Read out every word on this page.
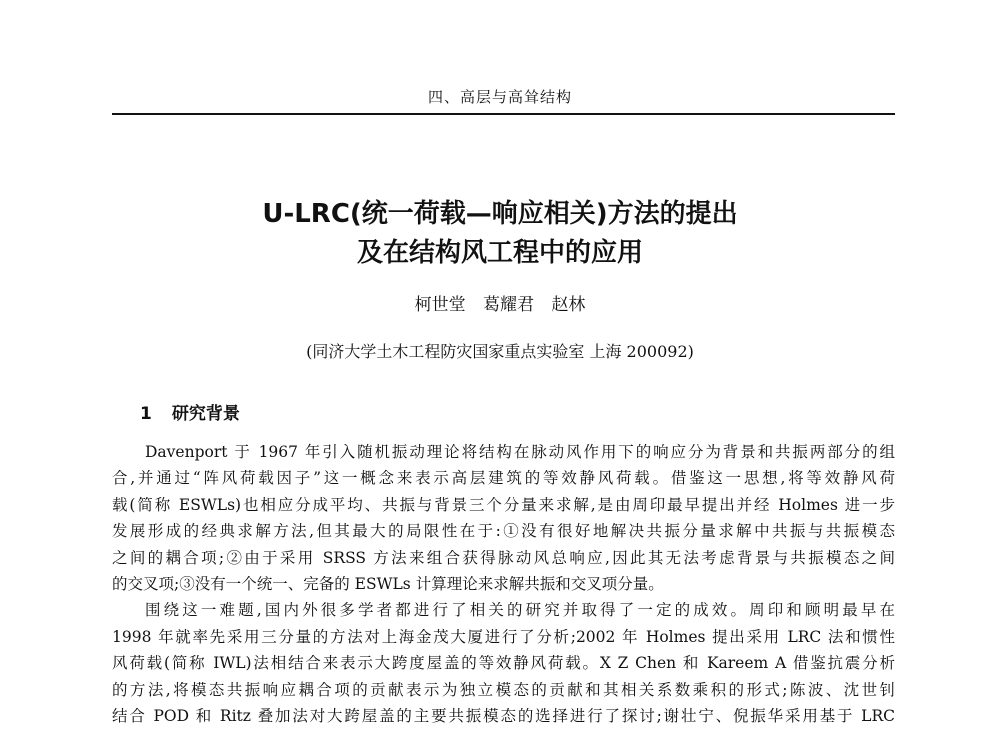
四、高层与高耸结构
U-LRC(统一荷载—响应相关)方法的提出
及在结构风工程中的应用
柯世堂 葛耀君 赵林
(同济大学土木工程防灾国家重点实验室 上海 200092)
1 研究背景
Davenport 于 1967 年引入随机振动理论将结构在脉动风作用下的响应分为背景和共振两部分的组
合,并通过“阵风荷载因子”这一概念来表示高层建筑的等效静风荷载。借鉴这一思想,将等效静风荷
载(简称 ESWLs)也相应分成平均、共振与背景三个分量来求解,是由周印最早提出并经 Holmes 进一步
发展形成的经典求解方法,但其最大的局限性在于:①没有很好地解决共振分量求解中共振与共振模态
之间的耦合项;②由于采用 SRSS 方法来组合获得脉动风总响应,因此其无法考虑背景与共振模态之间
的交叉项;③没有一个统一、完备的 ESWLs 计算理论来求解共振和交叉项分量。
围绕这一难题,国内外很多学者都进行了相关的研究并取得了一定的成效。周印和顾明最早在
1998 年就率先采用三分量的方法对上海金茂大厦进行了分析;2002 年 Holmes 提出采用 LRC 法和惯性
风荷载(简称 IWL)法相结合来表示大跨度屋盖的等效静风荷载。X Z Chen 和 Kareem A 借鉴抗震分析
的方法,将模态共振响应耦合项的贡献表示为独立模态的贡献和其相关系数乘积的形式;陈波、沈世钊
结合 POD 和 Ritz 叠加法对大跨屋盖的主要共振模态的选择进行了探讨;谢壮宁、倪振华采用基于 LRC
